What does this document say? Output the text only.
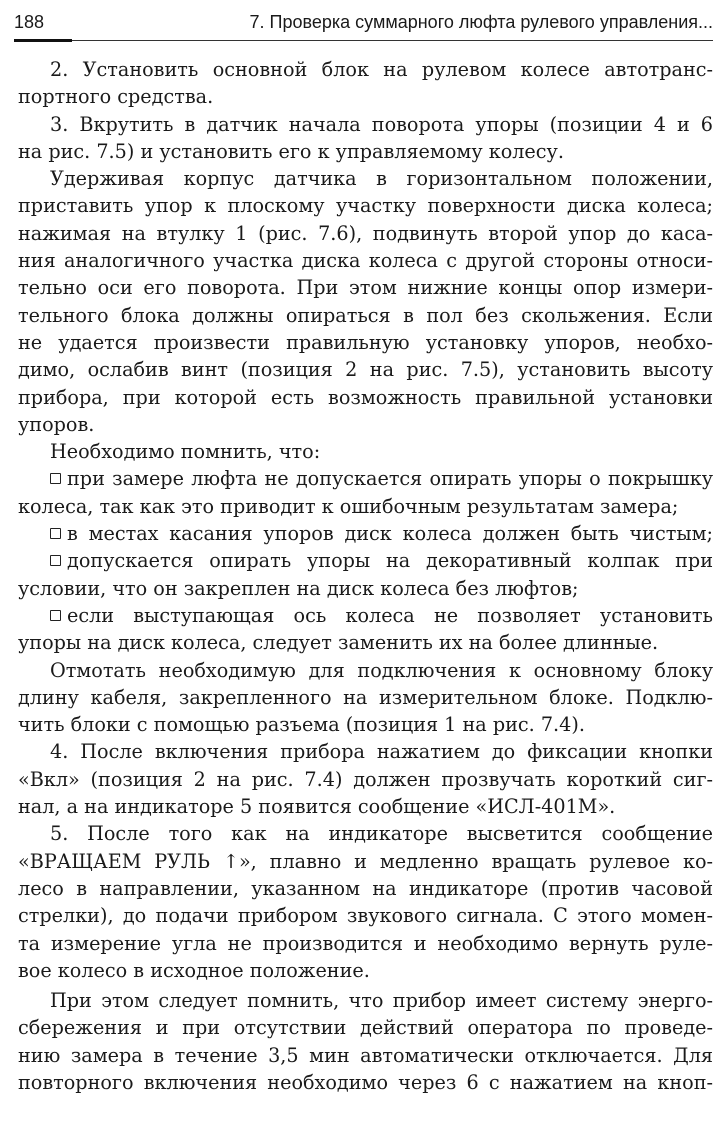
188	7. Проверка суммарного люфта рулевого управления...

2. Установить основной блок на рулевом колесе автотранс-
портного средства.

3. Вкрутить в датчик начала поворота упоры (позиции 4 и 6
на рис. 7.5) и установить его к управляемому колесу.

Удерживая корпус датчика в горизонтальном положении,
приставить упор к плоскому участку поверхности диска колеса;
нажимая на втулку 1 (рис. 7.6), подвинуть второй упор до каса-
ния аналогичного участка диска колеса с другой стороны относи-
тельно оси его поворота. При этом нижние концы опор измери-
тельного блока должны опираться в пол без скольжения. Если
не удается произвести правильную установку упоров, необхо-
димо, ослабив винт (позиция 2 на рис. 7.5), установить высоту
прибора, при которой есть возможность правильной установки
упоров.

Необходимо помнить, что:

при замере люфта не допускается опирать упоры о покрышку
колеса, так как это приводит к ошибочным результатам замера;

в местах касания упоров диск колеса должен быть чистым;

допускается опирать упоры на декоративный колпак при
условии, что он закреплен на диск колеса без люфтов;

если выступающая ось колеса не позволяет установить
упоры на диск колеса, следует заменить их на более длинные.

Отмотать необходимую для подключения к основному блоку
длину кабеля, закрепленного на измерительном блоке. Подклю-
чить блоки с помощью разъема (позиция 1 на рис. 7.4).

4. После включения прибора нажатием до фиксации кнопки
«Вкл» (позиция 2 на рис. 7.4) должен прозвучать короткий сиг-
нал, а на индикаторе 5 появится сообщение «ИСЛ-401М».

5. После того как на индикаторе высветится сообщение
«ВРАЩАЕМ РУЛЬ ↑», плавно и медленно вращать рулевое ко-
лесо в направлении, указанном на индикаторе (против часовой
стрелки), до подачи прибором звукового сигнала. С этого момен-
та измерение угла не производится и необходимо вернуть руле-
вое колесо в исходное положение.

При этом следует помнить, что прибор имеет систему энерго-
сбережения и при отсутствии действий оператора по проведе-
нию замера в течение 3,5 мин автоматически отключается. Для
повторного включения необходимо через 6 с нажатием на кноп-
